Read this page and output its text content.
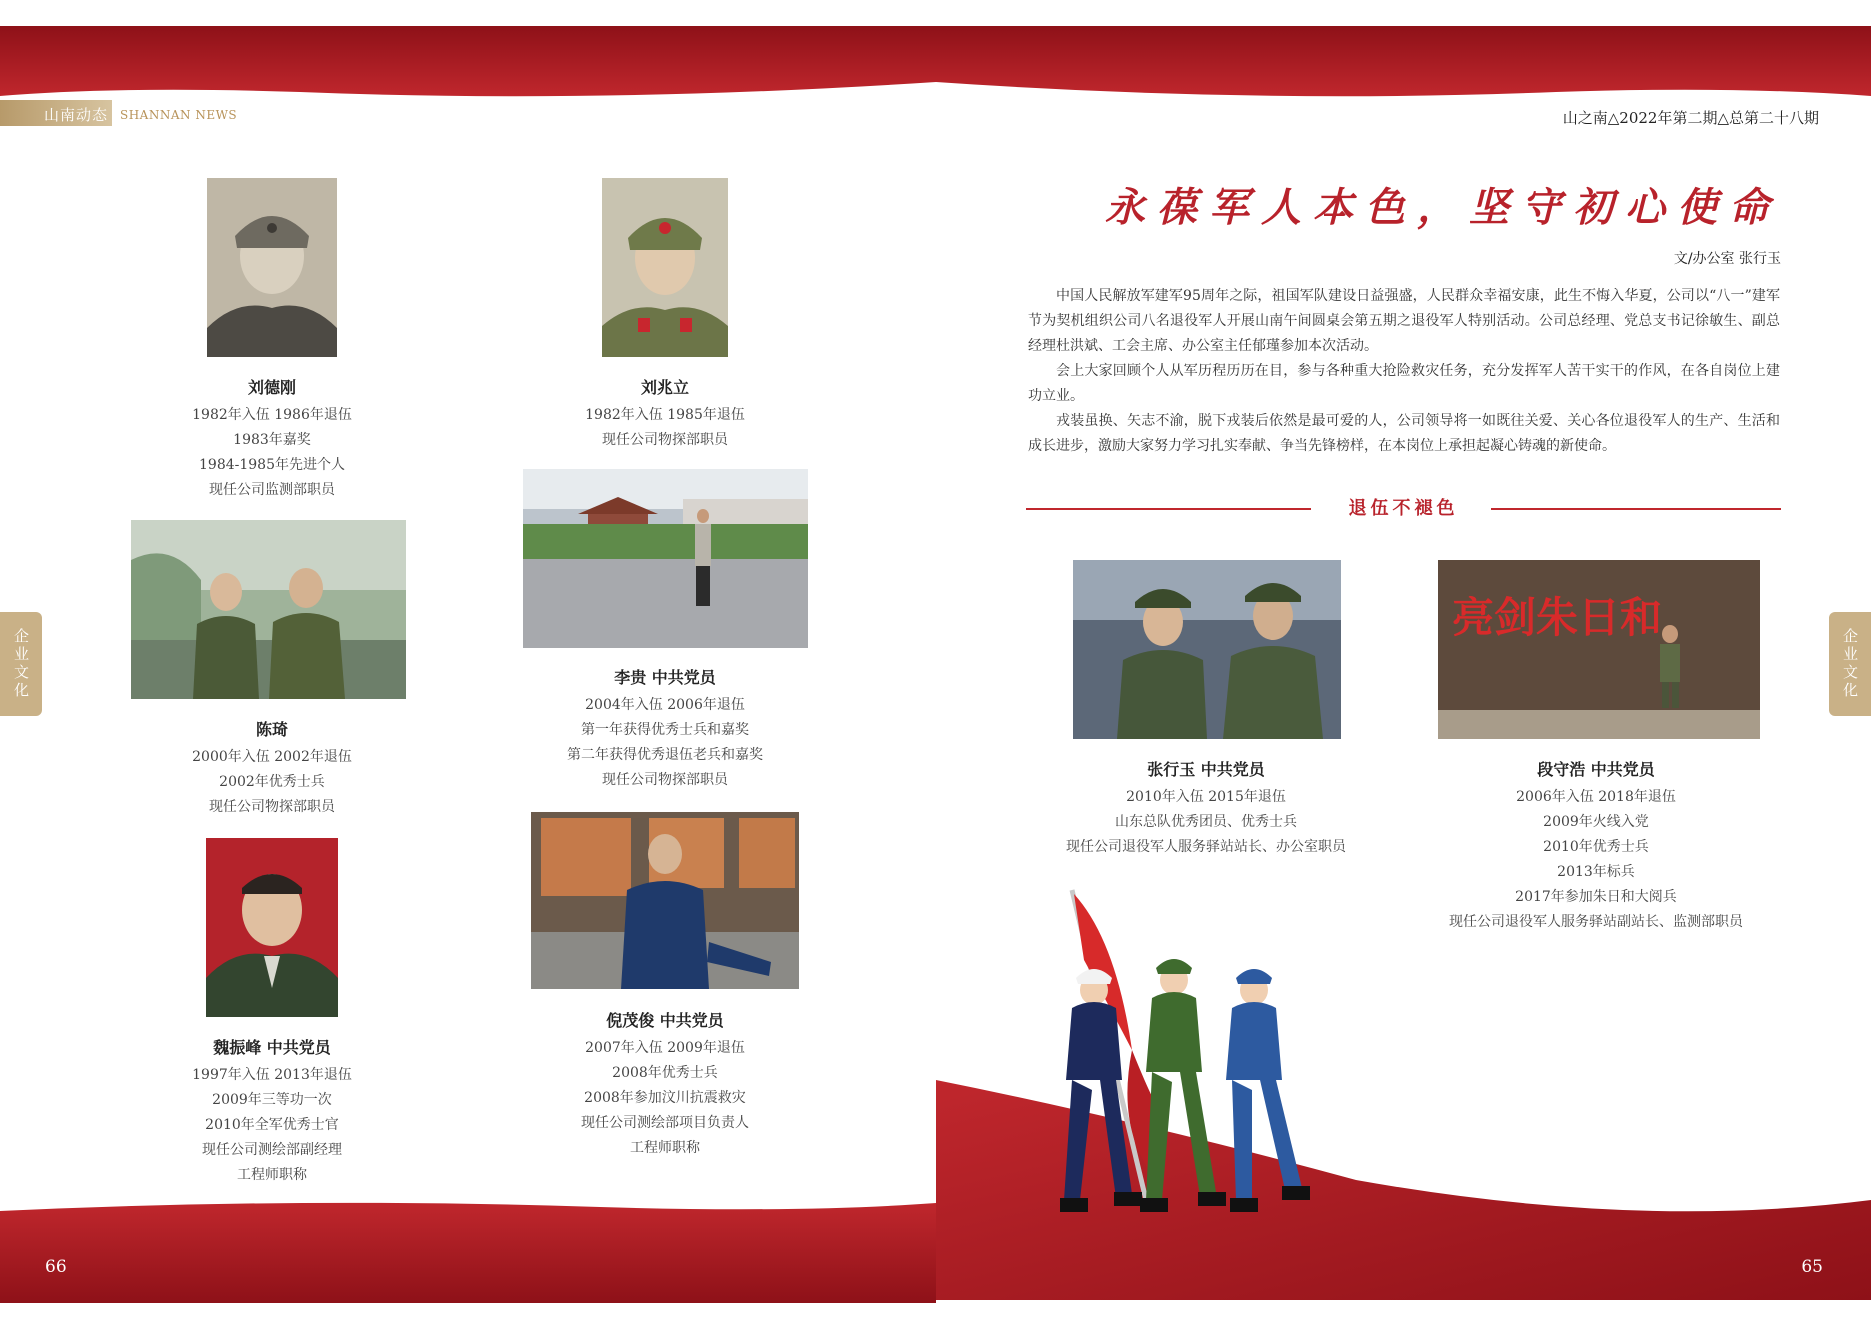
山南动态 SHANNAN NEWS
企业文化
刘德刚
1982年入伍 1986年退伍
1983年嘉奖
1984-1985年先进个人
现任公司监测部职员
刘兆立
1982年入伍 1985年退伍
现任公司物探部职员
陈琦
2000年入伍 2002年退伍
2002年优秀士兵
现任公司物探部职员
李贵 中共党员
2004年入伍 2006年退伍
第一年获得优秀士兵和嘉奖
第二年获得优秀退伍老兵和嘉奖
现任公司物探部职员
魏振峰 中共党员
1997年入伍 2013年退伍
2009年三等功一次
2010年全军优秀士官
现任公司测绘部副经理
工程师职称
倪茂俊 中共党员
2007年入伍 2009年退伍
2008年优秀士兵
2008年参加汶川抗震救灾
现任公司测绘部项目负责人
工程师职称
66
山之南△2022年第二期△总第二十八期
企业文化
永葆军人本色，坚守初心使命
文/办公室 张行玉

中国人民解放军建军95周年之际，祖国军队建设日益强盛，人民群众幸福安康，此生不悔入华夏，公司以“八一”建军节为契机组织公司八名退役军人开展山南午间圆桌会第五期之退役军人特别活动。公司总经理、党总支书记徐敏生、副总经理杜洪斌、工会主席、办公室主任郁瑾参加本次活动。

会上大家回顾个人从军历程历历在目，参与各种重大抢险救灾任务，充分发挥军人苦干实干的作风，在各自岗位上建功立业。

戎装虽换、矢志不渝，脱下戎装后依然是最可爱的人，公司领导将一如既往关爱、关心各位退役军人的生产、生活和成长进步，激励大家努力学习扎实奉献、争当先锋榜样，在本岗位上承担起凝心铸魂的新使命。

退伍不褪色
张行玉 中共党员
2010年入伍 2015年退伍
山东总队优秀团员、优秀士兵
现任公司退役军人服务驿站站长、办公室职员
亮剑朱日和
段守浩 中共党员
2006年入伍 2018年退伍
2009年火线入党
2010年优秀士兵
2013年标兵
2017年参加朱日和大阅兵
现任公司退役军人服务驿站副站长、监测部职员
65
